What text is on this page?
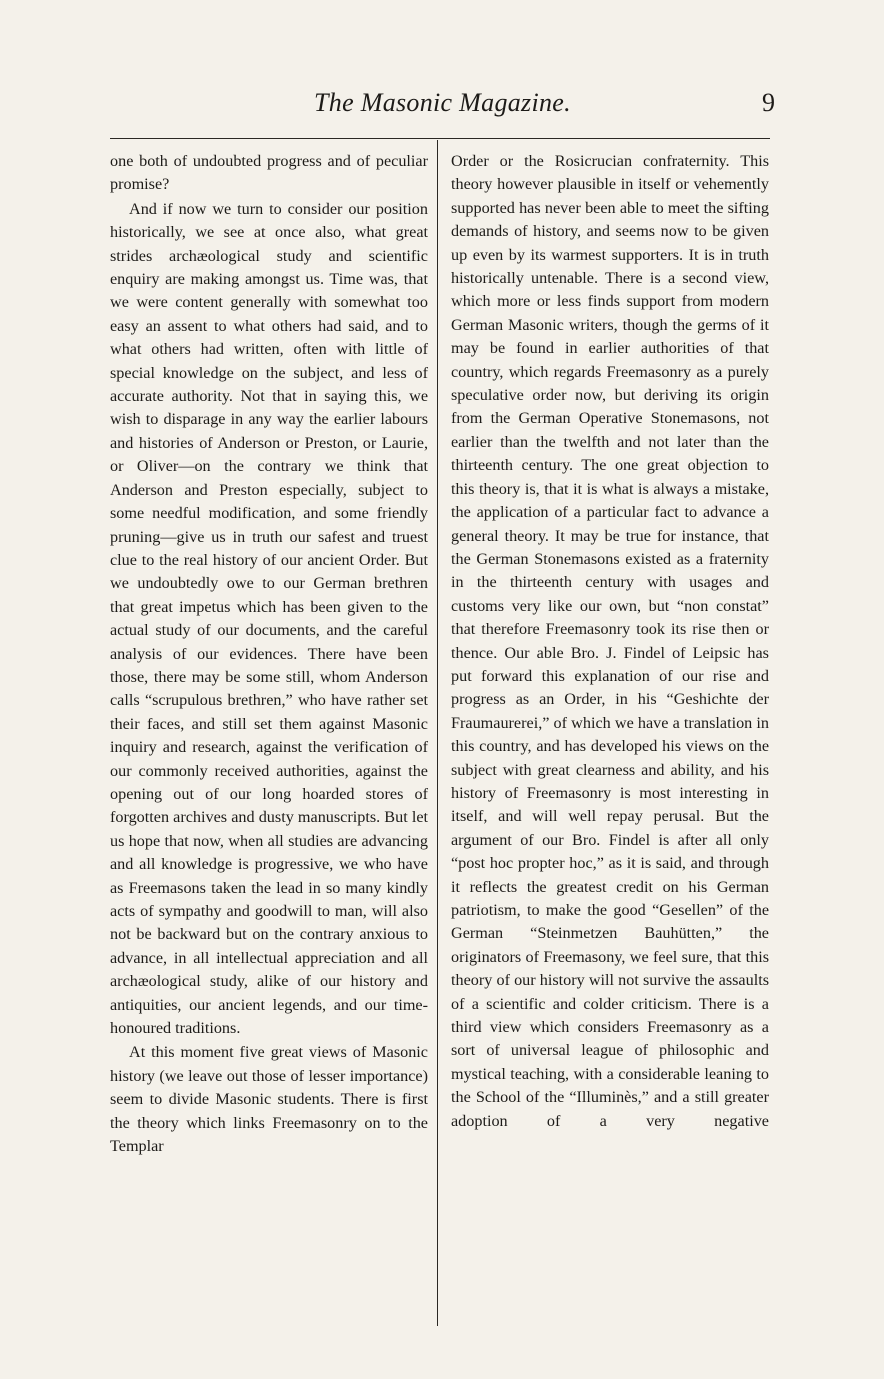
The Masonic Magazine.	9

one both of undoubted progress and of peculiar promise?

And if now we turn to consider our position historically, we see at once also, what great strides archæological study and scientific enquiry are making amongst us. Time was, that we were content generally with somewhat too easy an assent to what others had said, and to what others had written, often with little of special knowledge on the subject, and less of accurate authority. Not that in saying this, we wish to disparage in any way the earlier labours and histories of Anderson or Preston, or Laurie, or Oliver—on the contrary we think that Anderson and Preston especially, subject to some needful modification, and some friendly pruning—give us in truth our safest and truest clue to the real history of our ancient Order. But we undoubtedly owe to our German brethren that great impetus which has been given to the actual study of our documents, and the careful analysis of our evidences. There have been those, there may be some still, whom Anderson calls “scrupulous brethren,” who have rather set their faces, and still set them against Masonic inquiry and research, against the verification of our commonly received authorities, against the opening out of our long hoarded stores of forgotten archives and dusty manuscripts. But let us hope that now, when all studies are advancing and all knowledge is progressive, we who have as Freemasons taken the lead in so many kindly acts of sympathy and goodwill to man, will also not be backward but on the contrary anxious to advance, in all intellectual appreciation and all archæological study, alike of our history and antiquities, our ancient legends, and our time-honoured traditions.

At this moment five great views of Masonic history (we leave out those of lesser importance) seem to divide Masonic students. There is first the theory which links Freemasonry on to the Templar

Order or the Rosicrucian confraternity. This theory however plausible in itself or vehemently supported has never been able to meet the sifting demands of history, and seems now to be given up even by its warmest supporters. It is in truth historically untenable. There is a second view, which more or less finds support from modern German Masonic writers, though the germs of it may be found in earlier authorities of that country, which regards Freemasonry as a purely speculative order now, but deriving its origin from the German Operative Stonemasons, not earlier than the twelfth and not later than the thirteenth century. The one great objection to this theory is, that it is what is always a mistake, the application of a particular fact to advance a general theory. It may be true for instance, that the German Stonemasons existed as a fraternity in the thirteenth century with usages and customs very like our own, but “non constat” that therefore Freemasonry took its rise then or thence. Our able Bro. J. Findel of Leipsic has put forward this explanation of our rise and progress as an Order, in his “Geshichte der Fraumaurerei,” of which we have a translation in this country, and has developed his views on the subject with great clearness and ability, and his history of Freemasonry is most interesting in itself, and will well repay perusal. But the argument of our Bro. Findel is after all only “post hoc propter hoc,” as it is said, and through it reflects the greatest credit on his German patriotism, to make the good “Gesellen” of the German “Steinmetzen Bauhütten,” the originators of Freemasony, we feel sure, that this theory of our history will not survive the assaults of a scientific and colder criticism. There is a third view which considers Freemasonry as a sort of universal league of philosophic and mystical teaching, with a considerable leaning to the School of the “Illuminès,” and a still greater adoption of a very negative
